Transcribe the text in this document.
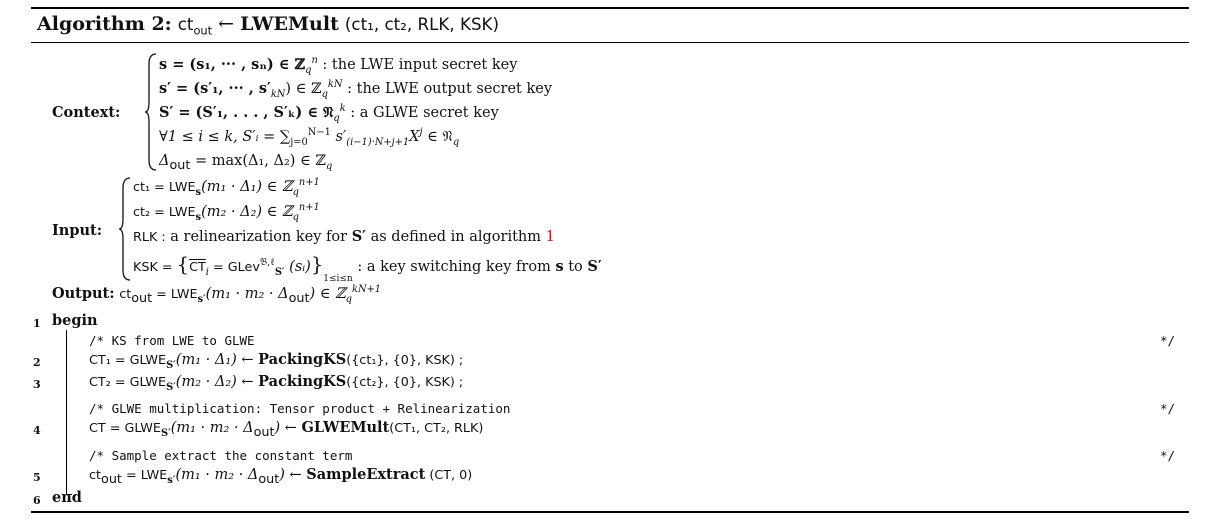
Algorithm 2: $ct_{out}$ ← LWEMult (ct₁, ct₂, RLK, KSK)
Context:
s = (s₁, ··· , sₙ) ∈ ℤ$_q^n$ : the LWE input secret key
s′ = (s′₁, ··· , $s'_{kN}$) ∈ ℤ$_q^{kN}$ : the LWE output secret key
S′ = (S′₁, . . . , S′ₖ) ∈ 𝔑$_q^k$ : a GLWE secret key
∀1 ≤ i ≤ k, S′ᵢ = $\sum_{j=0}^{N-1}$ $s'_{(i-1)\cdot N+j+1}X^j$ ∈ 𝔑$_q$
$\Delta_{out} = \max(\Delta_1$, Δ₂) ∈ ℤ$_q$
Input:
$ct_1 = LWE_s(m_1 \cdot \Delta_1)$ ∈ ℤ$_q^{n+1}$
$ct_2 = LWE_s(m_2 \cdot \Delta_2)$ ∈ ℤ$_q^{n+1}$
RLK : a relinearization key for S′ as defined in algorithm 1
KSK = {$\overline{CT}_i$ = GLev$^{𝔅,\ell}_{S'}$ $(sᵢ)\}_{1\le i\le n}$ : a key switching key from s to S′
Output: $ct_{out} = LWE_{s'}(m_1 \cdot m_2 \cdot \Delta_{out})$ ∈ ℤ$_q^{kN+1}$
1 begin
/* KS from LWE to GLWE	*/
2	$CT_1 = GLWE_{S'}(m_1 \cdot \Delta_1)$ ← PackingKS({ct₁}, {0}, KSK) ;
3	$CT_2 = GLWE_{S'}(m_2 \cdot \Delta_2)$ ← PackingKS({ct₂}, {0}, KSK) ;
/* GLWE multiplication: Tensor product + Relinearization	*/
4	CT = $GLWE_{S'}(m_1 \cdot m_2 \cdot \Delta_{out})$ ← GLWEMult(CT₁, CT₂, RLK)
/* Sample extract the constant term	*/
5	$ct_{out} = LWE_{s'}(m_1 \cdot m_2 \cdot \Delta_{out})$ ← SampleExtract (CT, 0)
6 end
